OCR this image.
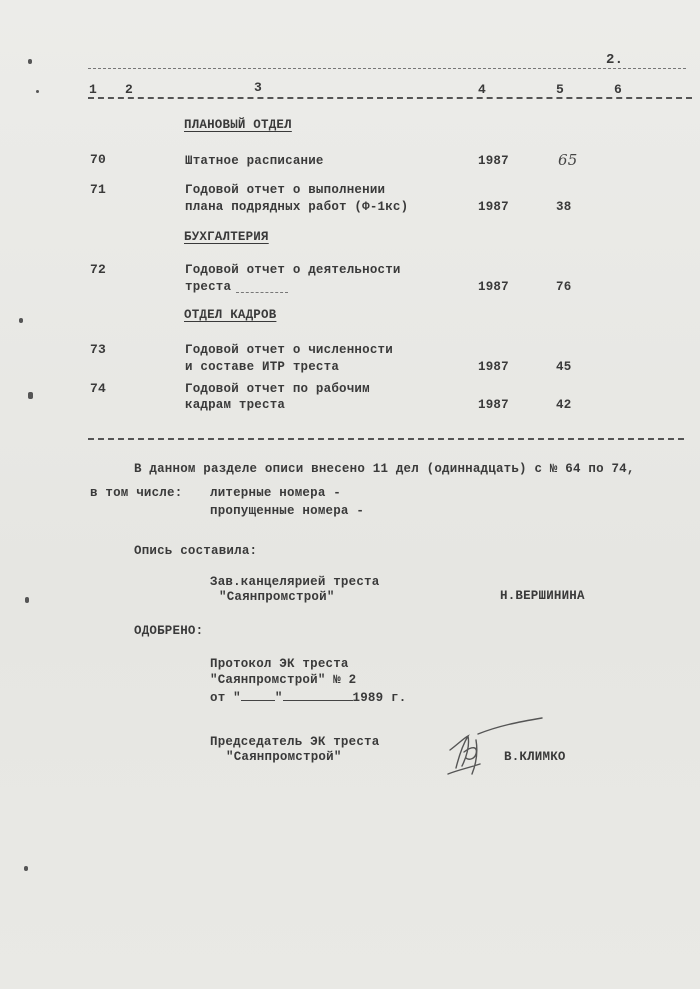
2.
1 2	3	4	5	6
ПЛАНОВЫЙ ОТДЕЛ
70	Штатное расписание	1987	65
71	Годовой отчет о выполнении
плана подрядных работ (Ф-1кс)	1987	38
БУХГАЛТЕРИЯ
72	Годовой отчет о деятельности
треста	1987	76
ОТДЕЛ КАДРОВ
73	Годовой отчет о численности
и составе ИТР треста	1987	45
74	Годовой отчет по рабочим
кадрам треста	1987	42
В данном разделе описи внесено 11 дел (одиннадцать) с № 64 по 74,
в том числе: литерные номера -
пропущенные номера -
Опись составила:
Зав.канцелярией треста
"Саянпромстрой"	Н.ВЕРШИНИНА
ОДОБРЕНО:
Протокол ЭК треста
"Саянпромстрой" № 2
от "	"	1989 г.
Председатель ЭК треста
"Саянпромстрой"	В.КЛИМКО
